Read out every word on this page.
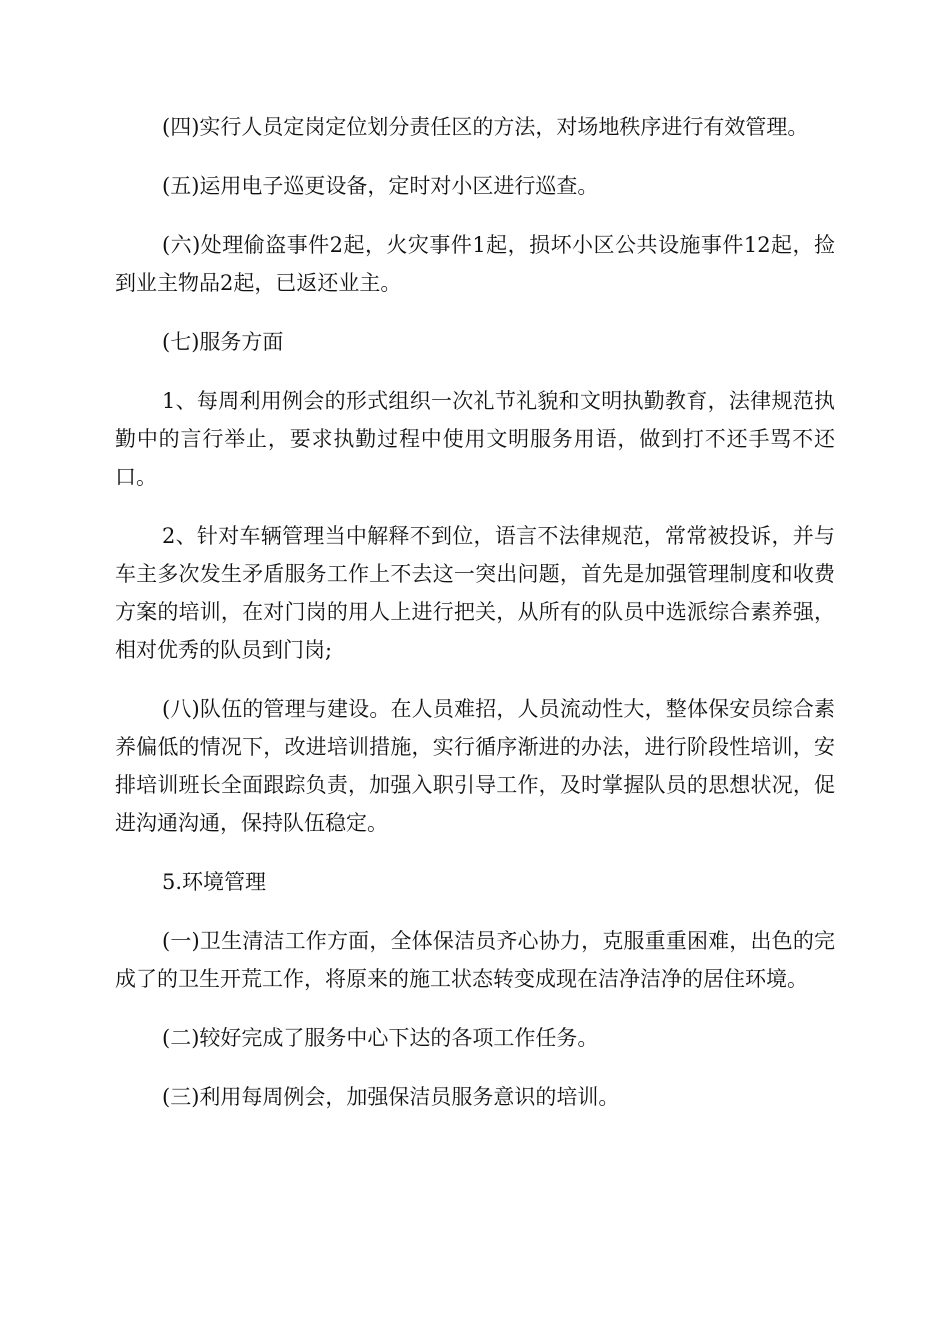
(四)实行人员定岗定位划分责任区的方法，对场地秩序进行有效管理。

(五)运用电子巡更设备，定时对小区进行巡查。

(六)处理偷盗事件2起，火灾事件1起，损坏小区公共设施事件12起，捡到业主物品2起，已返还业主。

(七)服务方面

1、每周利用例会的形式组织一次礼节礼貌和文明执勤教育，法律规范执勤中的言行举止，要求执勤过程中使用文明服务用语，做到打不还手骂不还口。

2、针对车辆管理当中解释不到位，语言不法律规范，常常被投诉，并与车主多次发生矛盾服务工作上不去这一突出问题，首先是加强管理制度和收费方案的培训，在对门岗的用人上进行把关，从所有的队员中选派综合素养强，相对优秀的队员到门岗;

(八)队伍的管理与建设。在人员难招，人员流动性大，整体保安员综合素养偏低的情况下，改进培训措施，实行循序渐进的办法，进行阶段性培训，安排培训班长全面跟踪负责，加强入职引导工作，及时掌握队员的思想状况，促进沟通沟通，保持队伍稳定。

5.环境管理

(一)卫生清洁工作方面，全体保洁员齐心协力，克服重重困难，出色的完成了的卫生开荒工作，将原来的施工状态转变成现在洁净洁净的居住环境。

(二)较好完成了服务中心下达的各项工作任务。

(三)利用每周例会，加强保洁员服务意识的培训。
